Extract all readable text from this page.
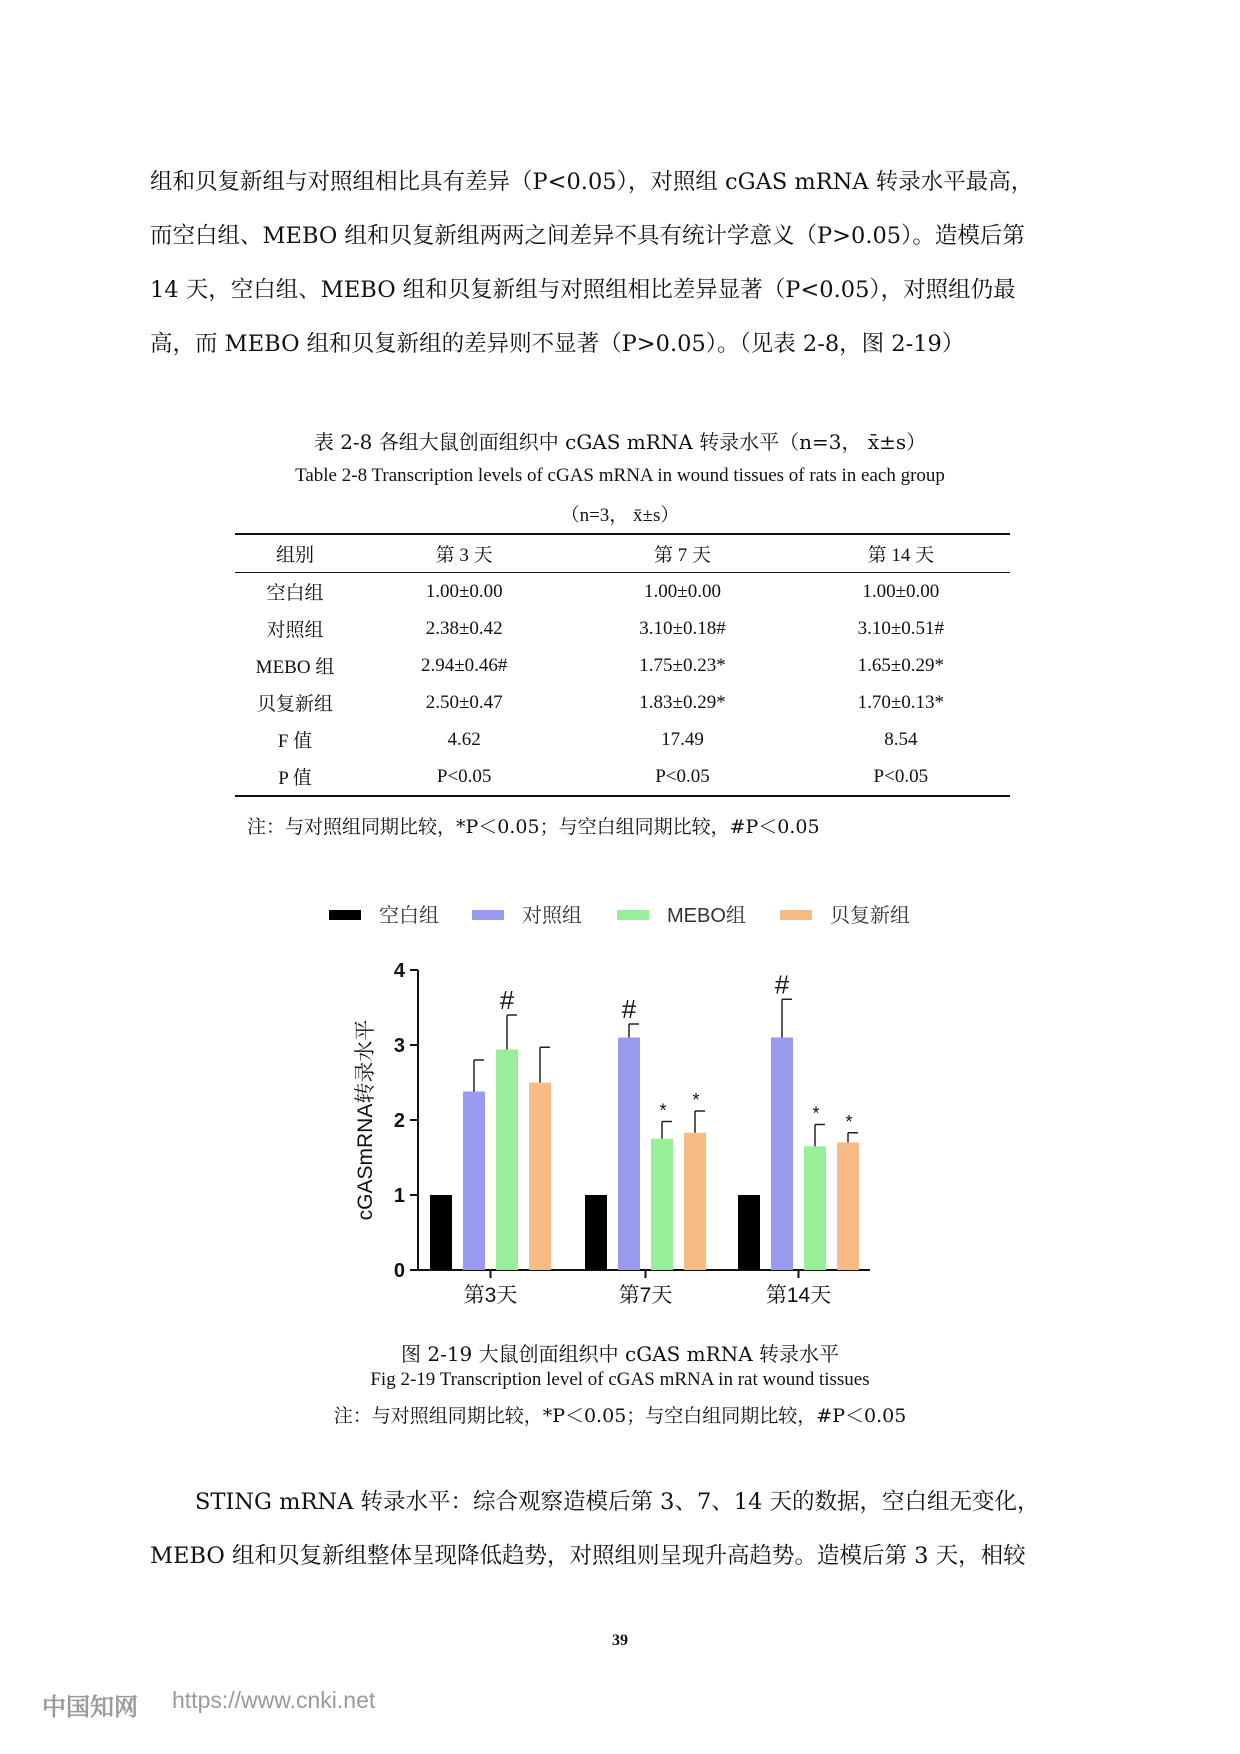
组和贝复新组与对照组相比具有差异（P<0.05），对照组 cGAS mRNA 转录水平最高，

而空白组、MEBO 组和贝复新组两两之间差异不具有统计学意义（P>0.05）。造模后第

14 天，空白组、MEBO 组和贝复新组与对照组相比差异显著（P<0.05），对照组仍最

高，而 MEBO 组和贝复新组的差异则不显著（P>0.05）。（见表 2-8，图 2-19）

表 2-8 各组大鼠创面组织中 cGAS mRNA 转录水平（n=3， x̄±s）
Table 2-8 Transcription levels of cGAS mRNA in wound tissues of rats in each group
（n=3， x̄±s）
组别	第 3 天	第 7 天	第 14 天
空白组	1.00±0.00	1.00±0.00	1.00±0.00
对照组	2.38±0.42	3.10±0.18#	3.10±0.51#
MEBO 组	2.94±0.46#	1.75±0.23*	1.65±0.29*
贝复新组	2.50±0.47	1.83±0.29*	1.70±0.13*
F 值	4.62	17.49	8.54
P 值	P<0.05	P<0.05	P<0.05
注：与对照组同期比较，*P＜0.05；与空白组同期比较，#P＜0.05
空白组	对照组	MEBO组	贝复新组
0
1
2
3
4
cGASmRNA转录水平
#
第3天
#
*
*
第7天
#
* *
第14天
图 2-19 大鼠创面组织中 cGAS mRNA 转录水平
Fig 2-19 Transcription level of cGAS mRNA in rat wound tissues
注：与对照组同期比较，*P＜0.05；与空白组同期比较，#P＜0.05

　　STING mRNA 转录水平：综合观察造模后第 3、7、14 天的数据，空白组无变化，

MEBO 组和贝复新组整体呈现降低趋势，对照组则呈现升高趋势。造模后第 3 天，相较

39
中国知网 https://www.cnki.net
